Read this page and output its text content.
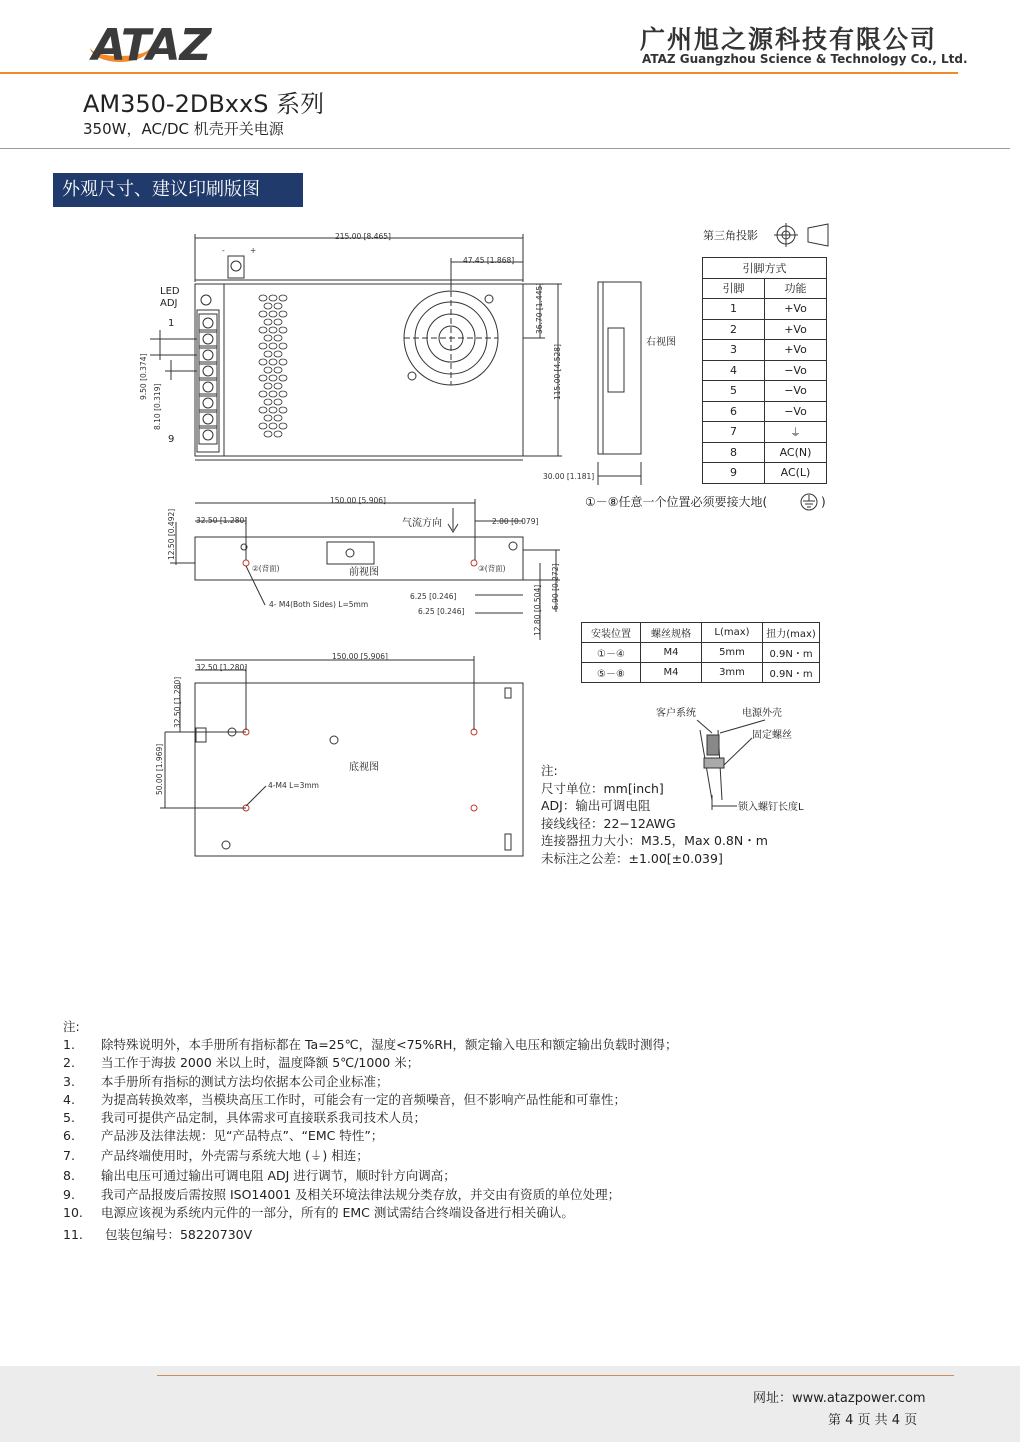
ATAZ	广州旭之源科技有限公司
ATAZ Guangzhou Science & Technology Co., Ltd.
AM350-2DBxxS 系列
350W，AC/DC 机壳开关电源
外观尺寸、建议印刷版图
215.00 [8.465]
47.45 [1.868]
36.70 [1.445]
115.00 [4.528]
9.50 [0.374]
8.10 [0.319]
30.00 [1.181]
150.00 [5.906]
32.50 [1.280]	2.00 [0.079]
12.50 [0.492]
6.25 [0.246]
6.25 [0.246]	12.80 [0.504] 6.90 [0.272]
4- M4(Both Sides) L=5mm
②(背面)	③(背面)
150.00 [5.906]
32.50 [1.280]
32.50 [1.280]
50.00 [1.969]	4-M4 L=3mm
-	+
LED
ADJ
1
9
右视图
前视图
气流方向
底视图
客户系统	电源外壳
固定螺丝
锁入螺钉长度L
第三角投影
①－⑧任意一个位置必须要接大地(	)
引脚方式	
引脚	功能
1	+Vo
2	+Vo
3	+Vo
4	−Vo
5	−Vo
6	−Vo
7	⏚
8	AC(N)
9	AC(L)
安装位置	螺丝规格	L(max)	扭力(max)
①－④	M4	5mm	0.9N・m
⑤－⑧	M4	3mm	0.9N・m
注:
尺寸单位：mm[inch]
ADJ：输出可调电阻
接线线径：22−12AWG
连接器扭力大小：M3.5，Max 0.8N・m
未标注之公差：±1.00[±0.039]
注:
1. 除特殊说明外，本手册所有指标都在 Ta=25℃，湿度<75%RH，额定输入电压和额定输出负载时测得；
2. 当工作于海拔 2000 米以上时，温度降额 5℃/1000 米；
3. 本手册所有指标的测试方法均依据本公司企业标准；
4. 为提高转换效率，当模块高压工作时，可能会有一定的音频噪音，但不影响产品性能和可靠性；
5. 我司可提供产品定制，具体需求可直接联系我司技术人员；
6. 产品涉及法律法规：见“产品特点”、“EMC 特性”；
7. 产品终端使用时，外壳需与系统大地 (⏚) 相连；
8. 输出电压可通过输出可调电阻 ADJ 进行调节，顺时针方向调高；
9. 我司产品报废后需按照 ISO14001 及相关环境法律法规分类存放，并交由有资质的单位处理；
10. 电源应该视为系统内元件的一部分，所有的 EMC 测试需结合终端设备进行相关确认。
11. 包装包编号：58220730V
网址：www.atazpower.com
第 4 页 共 4 页
